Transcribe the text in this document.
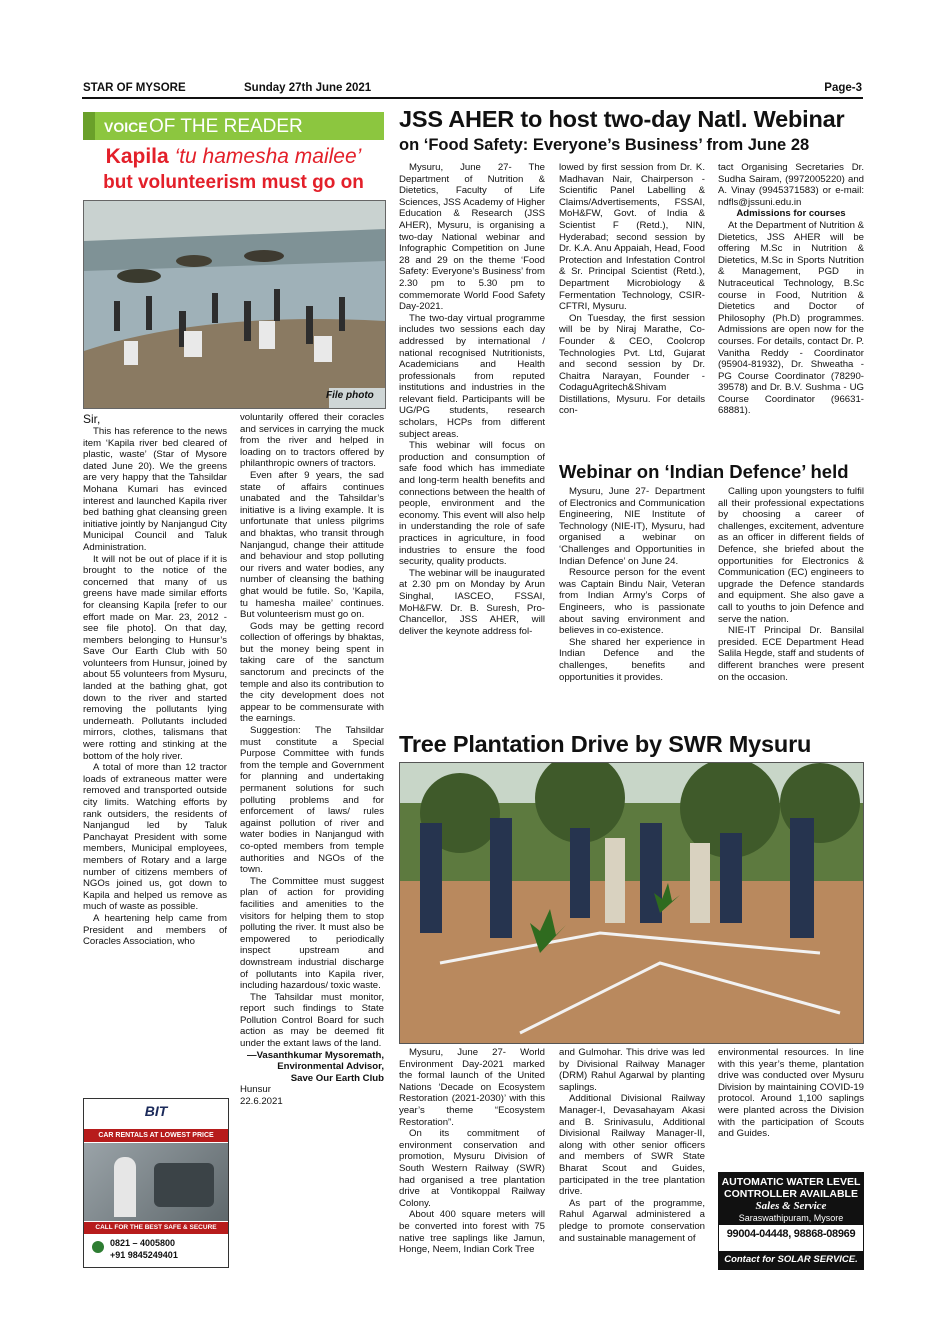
STAR OF MYSORE	Sunday 27th June 2021	Page-3
VOICE OF THE READER
Kapila ‘tu hamesha mailee’
but volunteerism must go on
File photo

Sir,

This has reference to the news item ‘Kapila river bed cleared of plastic, waste’ (Star of Mysore dated June 20). We the greens are very happy that the Tahsildar Mohana Kumari has evinced interest and launched Kapila river bed bathing ghat cleansing green initiative jointly by Nanjangud City Municipal Council and Taluk Administration.

It will not be out of place if it is brought to the notice of the concerned that many of us greens have made similar efforts for cleansing Kapila [refer to our effort made on Mar. 23, 2012 - see file photo]. On that day, members belonging to Hunsur’s Save Our Earth Club with 50 volunteers from Hunsur, joined by about 55 volunteers from Mysuru, landed at the bathing ghat, got down to the river and started removing the pollutants lying underneath. Pollutants included mirrors, clothes, talismans that were rotting and stinking at the bottom of the holy river.

A total of more than 12 tractor loads of extraneous matter were removed and transported outside city limits. Watching efforts by rank outsiders, the residents of Nanjangud led by Taluk Panchayat President with some members, Municipal employees, members of Rotary and a large number of citizens members of NGOs joined us, got down to Kapila and helped us remove as much of waste as possible.

A heartening help came from President and members of Coracles Association, who

voluntarily offered their coracles and services in carrying the muck from the river and helped in loading on to tractors offered by philanthropic owners of tractors.

Even after 9 years, the sad state of affairs continues unabated and the Tahsildar’s initiative is a living example. It is unfortunate that unless pilgrims and bhaktas, who transit through Nanjangud, change their attitude and behaviour and stop polluting our rivers and water bodies, any number of cleansing the bathing ghat would be futile. So, ‘Kapila, tu hamesha mailee’ continues. But volunteerism must go on.

Gods may be getting record collection of offerings by bhaktas, but the money being spent in taking care of the sanctum sanctorum and precincts of the temple and also its contribution to the city development does not appear to be commensurate with the earnings.

Suggestion: The Tahsildar must constitute a Special Purpose Committee with funds from the temple and Government for planning and undertaking permanent solutions for such polluting problems and for enforcement of laws/ rules against pollution of river and water bodies in Nanjangud with co-opted members from temple authorities and NGOs of the town.

The Committee must suggest plan of action for providing facilities and amenities to the visitors for helping them to stop polluting the river. It must also be empowered to periodically inspect upstream and downstream industrial discharge of pollutants into Kapila river, including hazardous/ toxic waste.

The Tahsildar must monitor, report such findings to State Pollution Control Board for such action as may be deemed fit under the extant laws of the land.

—Vasanthkumar Mysoremath,

Environmental Advisor,

Save Our Earth Club

Hunsur

22.6.2021

BIT
CAR RENTALS AT LOWEST PRICE
CALL FOR THE BEST SAFE & SECURE
0821 – 4005800
+91 9845249401
JSS AHER to host two-day Natl. Webinar
on ‘Food Safety: Everyone’s Business’ from June 28

Mysuru, June 27- The Department of Nutrition & Dietetics, Faculty of Life Sciences, JSS Academy of Higher Education & Research (JSS AHER), Mysuru, is organising a two-day National webinar and Infographic Competition on June 28 and 29 on the theme ‘Food Safety: Everyone’s Business’ from 2.30 pm to 5.30 pm to commemorate World Food Safety Day-2021.

The two-day virtual programme includes two sessions each day addressed by international / national recognised Nutritionists, Academicians and Health professionals from reputed institutions and industries in the relevant field. Participants will be UG/PG students, research scholars, HCPs from different subject areas.

This webinar will focus on production and consumption of safe food which has immediate and long-term health benefits and connections between the health of people, environment and the economy. This event will also help in understanding the role of safe practices in agriculture, in food industries to ensure the food security, quality products.

The webinar will be inaugurated at 2.30 pm on Monday by Arun Singhal, IASCEO, FSSAI, MoH&FW. Dr. B. Suresh, Pro-Chancellor, JSS AHER, will deliver the keynote address fol-

lowed by first session from Dr. K. Madhavan Nair, Chairperson - Scientific Panel Labelling & Claims/Advertisements, FSSAI, MoH&FW, Govt. of India & Scientist F (Retd.), NIN, Hyderabad; second session by Dr. K.A. Anu Appaiah, Head, Food Protection and Infestation Control & Sr. Principal Scientist (Retd.), Department Microbiology & Fermentation Technology, CSIR-CFTRI, Mysuru.

On Tuesday, the first session will be by Niraj Marathe, Co-Founder & CEO, Coolcrop Technologies Pvt. Ltd, Gujarat and second session by Dr. Chaitra Narayan, Founder - CodaguAgritech&Shivam Distillations, Mysuru. For details con-

tact Organising Secretaries Dr. Sudha Sairam, (9972005220) and A. Vinay (9945371583) or e-mail: ndfls@jssuni.edu.in

Admissions for courses

At the Department of Nutrition & Dietetics, JSS AHER will be offering M.Sc in Nutrition & Dietetics, M.Sc in Sports Nutrition & Management, PGD in Nutraceutical Technology, B.Sc course in Food, Nutrition & Dietetics and Doctor of Philosophy (Ph.D) programmes. Admissions are open now for the courses. For details, contact Dr. P. Vanitha Reddy - Coordinator (95904-81932), Dr. Shweatha - PG Course Coordinator (78290-39578) and Dr. B.V. Sushma - UG Course Coordinator (96631-68881).

Webinar on ‘Indian Defence’ held

Mysuru, June 27- Department of Electronics and Communication Engineering, NIE Institute of Technology (NIE-IT), Mysuru, had organised a webinar on ‘Challenges and Opportunities in Indian Defence’ on June 24.

Resource person for the event was Captain Bindu Nair, Veteran from Indian Army’s Corps of Engineers, who is passionate about saving environment and believes in co-existence.

She shared her experience in Indian Defence and the challenges, benefits and opportunities it provides.

Calling upon youngsters to fulfil all their professional expectations by choosing a career of challenges, excitement, adventure as an officer in different fields of Defence, she briefed about the opportunities for Electronics & Communication (EC) engineers to upgrade the Defence standards and equipment. She also gave a call to youths to join Defence and serve the nation.

NIE-IT Principal Dr. Bansilal presided. ECE Department Head Salila Hegde, staff and students of different branches were present on the occasion.

Tree Plantation Drive by SWR Mysuru

Mysuru, June 27- World Environment Day-2021 marked the formal launch of the United Nations ‘Decade on Ecosystem Restoration (2021-2030)’ with this year’s theme “Ecosystem Restoration”.

On its commitment of environment conservation and promotion, Mysuru Division of South Western Railway (SWR) had organised a tree plantation drive at Vontikoppal Railway Colony.

About 400 square meters will be converted into forest with 75 native tree saplings like Jamun, Honge, Neem, Indian Cork Tree

and Gulmohar. This drive was led by Divisional Railway Manager (DRM) Rahul Agarwal by planting saplings.

Additional Divisional Railway Manager-I, Devasahayam Akasi and B. Srinivasulu, Additional Divisional Railway Manager-II, along with other senior officers and members of SWR State Bharat Scout and Guides, participated in the tree plantation drive.

As part of the programme, Rahul Agarwal administered a pledge to promote conservation and sustainable management of

environmental resources. In line with this year’s theme, plantation drive was conducted over Mysuru Division by maintaining COVID-19 protocol. Around 1,100 saplings were planted across the Division with the participation of Scouts and Guides.

AUTOMATIC WATER LEVEL
CONTROLLER AVAILABLE
Sales & Service
Saraswathipuram, Mysore
99004-04448, 98868-08969
Contact for SOLAR SERVICE.
